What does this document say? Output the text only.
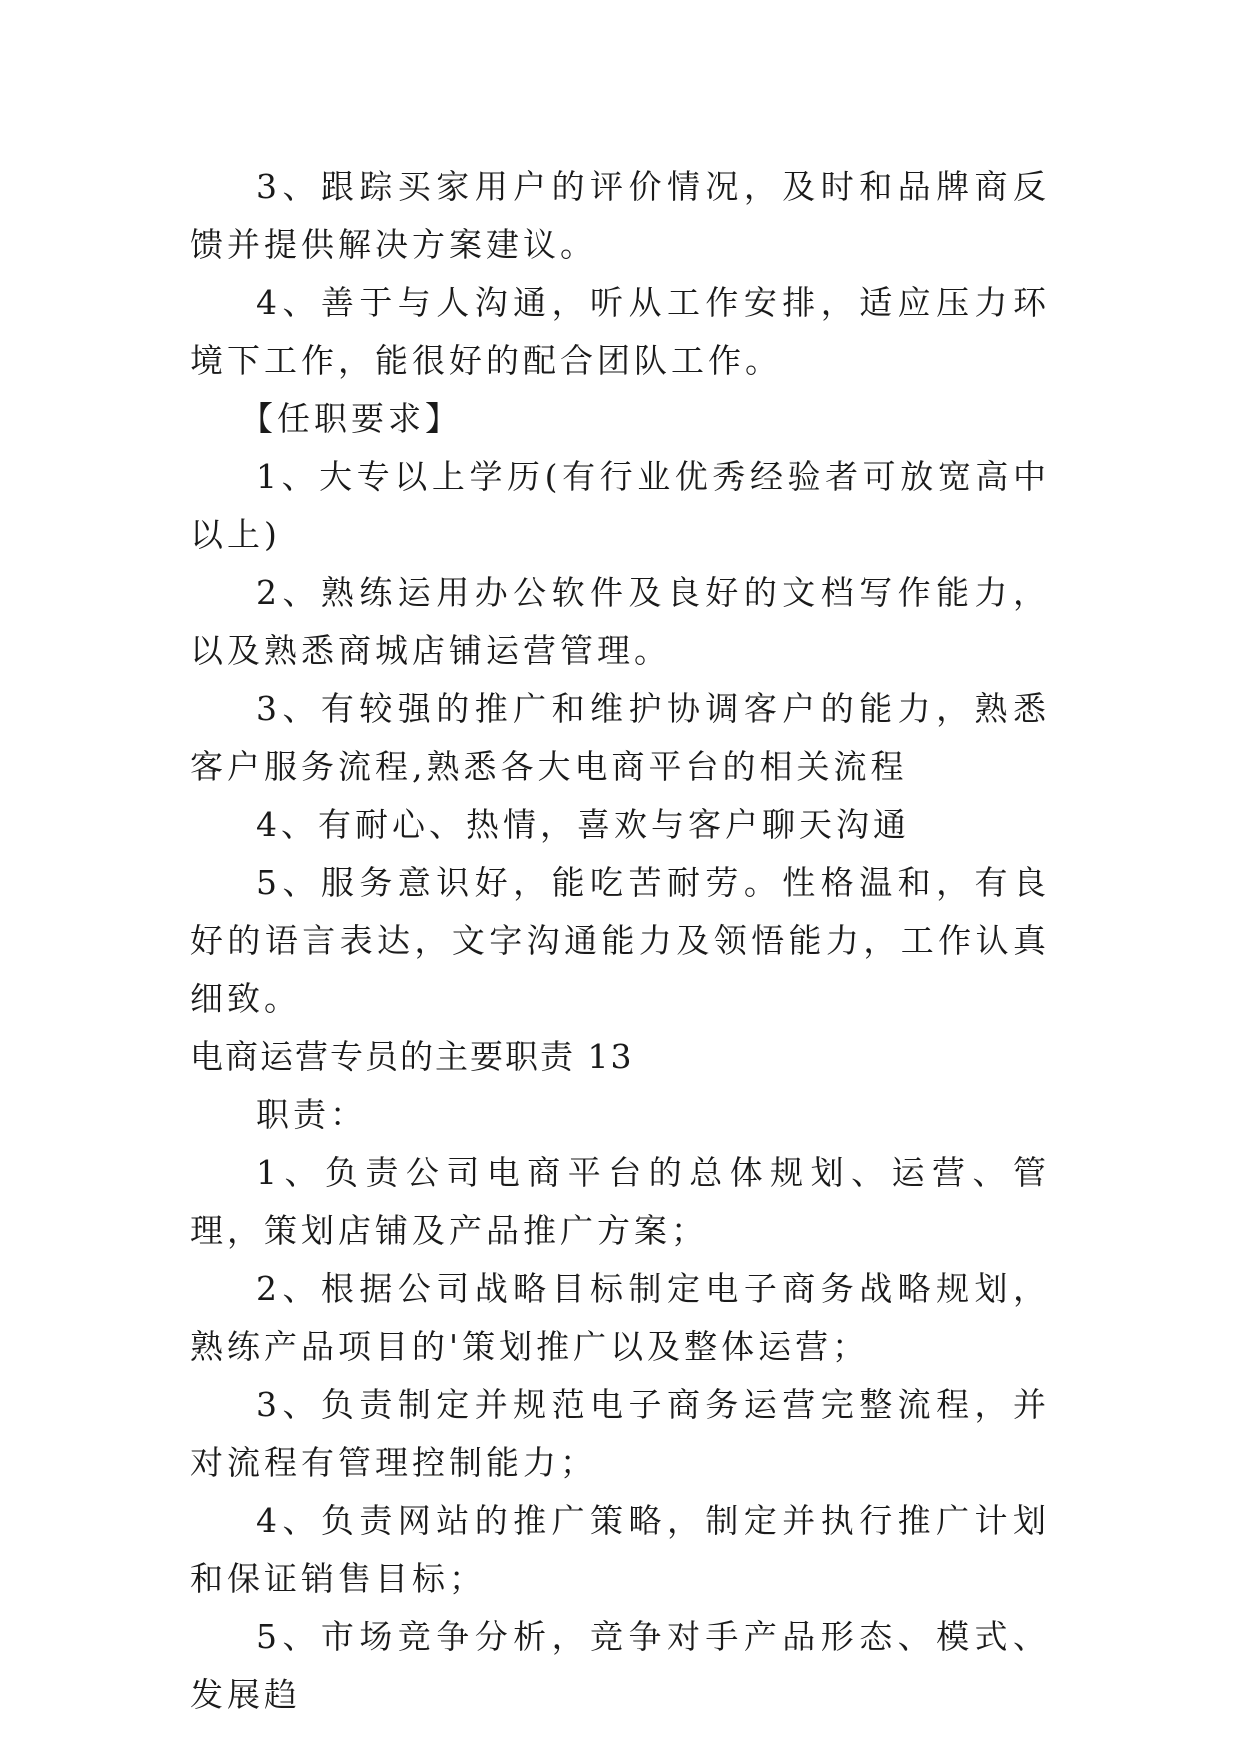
3、跟踪买家用户的评价情况，及时和品牌商反馈并提供解决方案建议。

4、善于与人沟通，听从工作安排，适应压力环境下工作，能很好的配合团队工作。

【任职要求】

1、大专以上学历(有行业优秀经验者可放宽高中以上)

2、熟练运用办公软件及良好的文档写作能力，以及熟悉商城店铺运营管理。

3、有较强的推广和维护协调客户的能力，熟悉客户服务流程,熟悉各大电商平台的相关流程

4、有耐心、热情，喜欢与客户聊天沟通

5、服务意识好，能吃苦耐劳。性格温和，有良好的语言表达，文字沟通能力及领悟能力，工作认真细致。

电商运营专员的主要职责 13

职责：

1、负责公司电商平台的总体规划、运营、管理，策划店铺及产品推广方案；

2、根据公司战略目标制定电子商务战略规划，熟练产品项目的'策划推广以及整体运营；

3、负责制定并规范电子商务运营完整流程，并对流程有管理控制能力；

4、负责网站的推广策略，制定并执行推广计划和保证销售目标；

5、市场竞争分析，竞争对手产品形态、模式、发展趋
